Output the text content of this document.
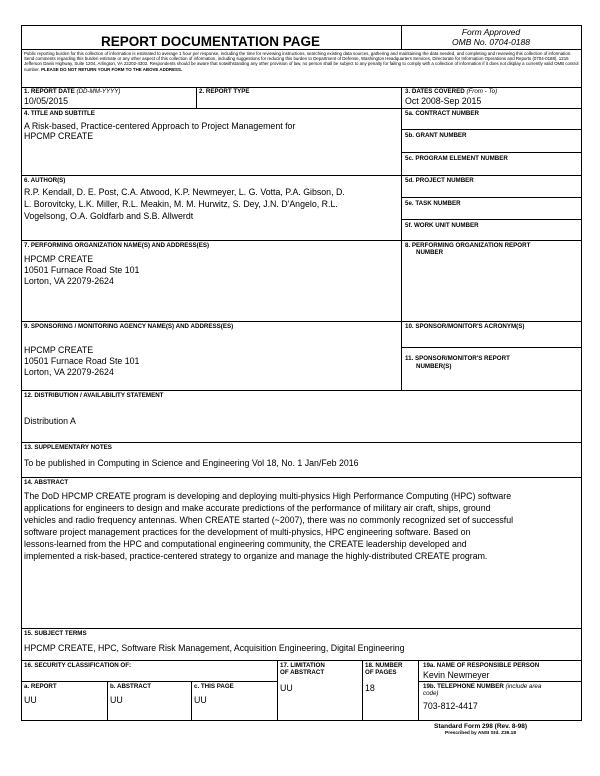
REPORT DOCUMENTATION PAGE
Form Approved
OMB No. 0704-0188
Public reporting burden for this collection of information is estimated to average 1 hour per response, including the time for reviewing instructions, searching existing data sources, gathering and maintaining the data needed, and completing and reviewing this collection of information. Send comments regarding this burden estimate or any other aspect of this collection of information, including suggestions for reducing this burden to Department of Defense, Washington Headquarters Services, Directorate for Information Operations and Reports (0704-0188), 1215 Jefferson Davis Highway, Suite 1204, Arlington, VA 22202-4302. Respondents should be aware that notwithstanding any other provision of law, no person shall be subject to any penalty for failing to comply with a collection of information if it does not display a currently valid OMB control number. PLEASE DO NOT RETURN YOUR FORM TO THE ABOVE ADDRESS.
1. REPORT DATE (DD-MM-YYYY)
10/05/2015
2. REPORT TYPE	3. DATES COVERED (From - To)
Oct 2008-Sep 2015
4. TITLE AND SUBTITLE
A Risk-based, Practice-centered Approach to Project Management for
HPCMP CREATE
5a. CONTRACT NUMBER
5b. GRANT NUMBER
5c. PROGRAM ELEMENT NUMBER
6. AUTHOR(S)
R.P. Kendall, D. E. Post, C.A. Atwood, K.P. Newmeyer, L. G. Votta, P.A. Gibson, D.
L. Borovitcky, L.K. Miller, R.L. Meakin, M. M. Hurwitz, S. Dey, J.N. D'Angelo, R.L.
Vogelsong, O.A. Goldfarb and S.B. Allwerdt
5d. PROJECT NUMBER
5e. TASK NUMBER
5f. WORK UNIT NUMBER
7. PERFORMING ORGANIZATION NAME(S) AND ADDRESS(ES)
HPCMP CREATE
10501 Furnace Road Ste 101
Lorton, VA 22079-2624
8. PERFORMING ORGANIZATION REPORT
NUMBER
9. SPONSORING / MONITORING AGENCY NAME(S) AND ADDRESS(ES)
HPCMP CREATE
10501 Furnace Road Ste 101
Lorton, VA 22079-2624
10. SPONSOR/MONITOR'S ACRONYM(S)
11. SPONSOR/MONITOR'S REPORT
NUMBER(S)
12. DISTRIBUTION / AVAILABILITY STATEMENT
Distribution A
13. SUPPLEMENTARY NOTES
To be published in Computing in Science and Engineering Vol 18, No. 1 Jan/Feb 2016
14. ABSTRACT
The DoD HPCMP CREATE program is developing and deploying multi-physics High Performance Computing (HPC) software
applications for engineers to design and make accurate predictions of the performance of military air craft, ships, ground
vehicles and radio frequency antennas. When CREATE started (~2007), there was no commonly recognized set of successful
software project management practices for the development of multi-physics, HPC engineering software. Based on
lessons-learned from the HPC and computational engineering community, the CREATE leadership developed and
implemented a risk-based, practice-centered strategy to organize and manage the highly-distributed CREATE program.
15. SUBJECT TERMS
HPCMP CREATE, HPC, Software Risk Management, Acquisition Engineering, Digital Engineering
16. SECURITY CLASSIFICATION OF:
a. REPORT
UU
b. ABSTRACT
UU
c. THIS PAGE
UU
17. LIMITATION
OF ABSTRACT
UU
18. NUMBER
OF PAGES
18
19a. NAME OF RESPONSIBLE PERSON
Kevin Newmeyer
19b. TELEPHONE NUMBER (include area
code)
703-812-4417
Standard Form 298 (Rev. 8-98)
Prescribed by ANSI Std. Z39.18
